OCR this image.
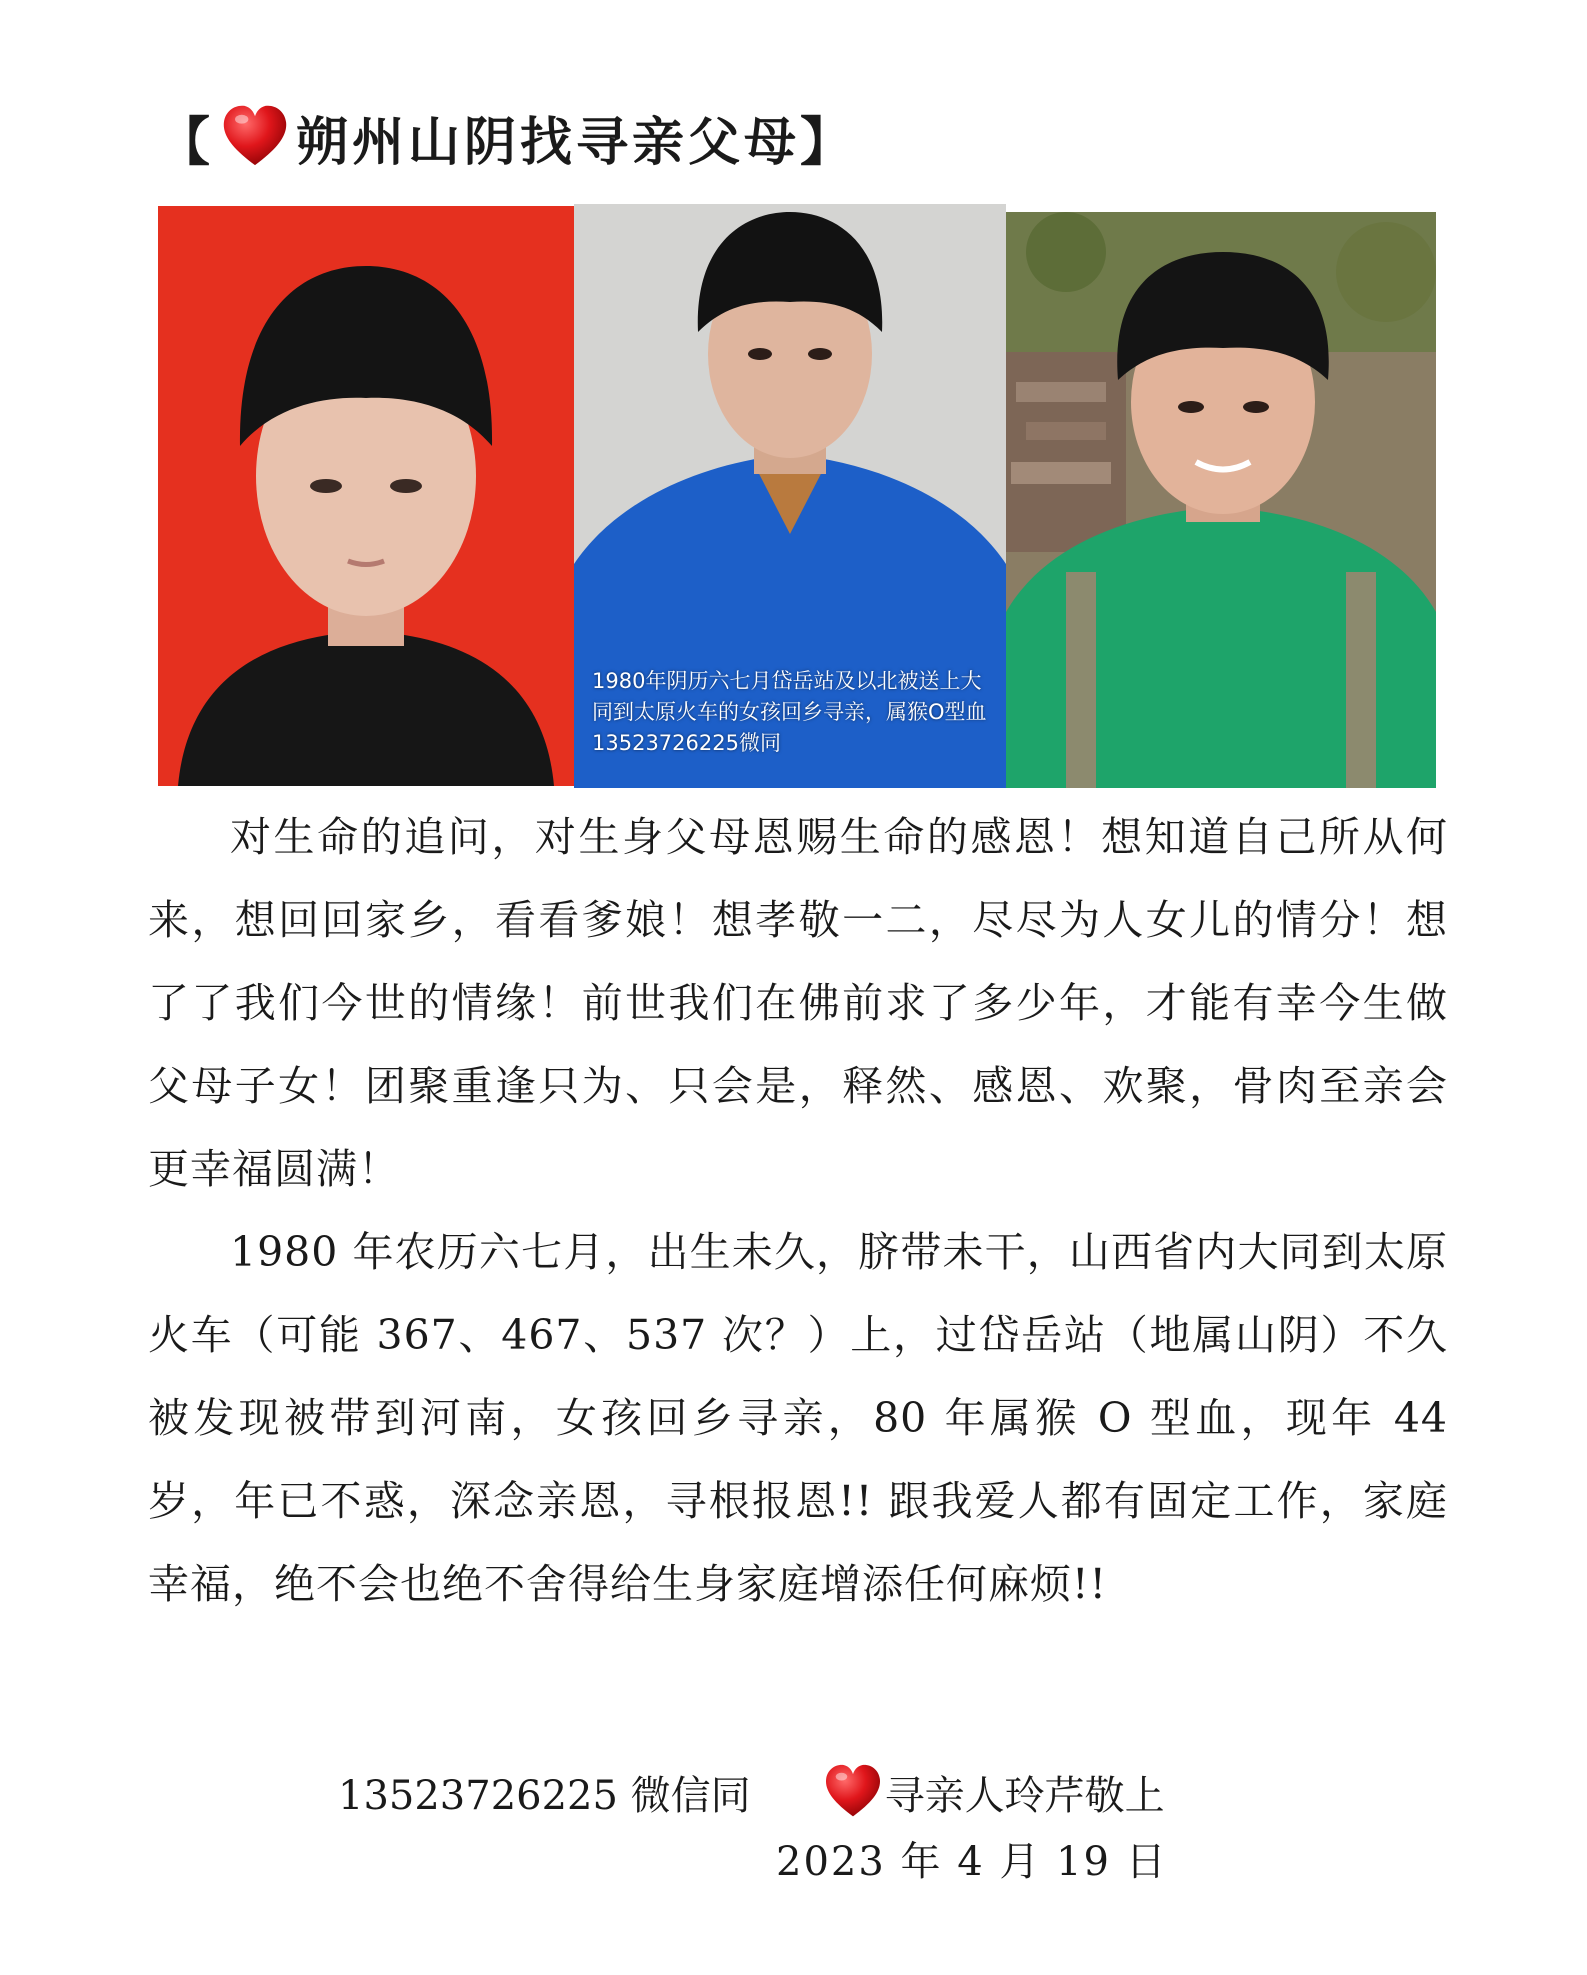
【 朔州山阴找寻亲父母】
1980年阴历六七月岱岳站及以北被送上大同到太原火车的女孩回乡寻亲，属猴O型血13523726225微同

对生命的追问，对生身父母恩赐生命的感恩！想知道自己所从何来，想回回家乡，看看爹娘！想孝敬一二，尽尽为人女儿的情分！想了了我们今世的情缘！前世我们在佛前求了多少年，才能有幸今生做父母子女！团聚重逢只为、只会是，释然、感恩、欢聚，骨肉至亲会更幸福圆满！

1980 年农历六七月，出生未久，脐带未干，山西省内大同到太原火车（可能 367、467、537 次？）上，过岱岳站（地属山阴）不久被发现被带到河南，女孩回乡寻亲，80 年属猴 O 型血，现年 44 岁，年已不惑，深念亲恩，寻根报恩!! 跟我爱人都有固定工作，家庭幸福，绝不会也绝不舍得给生身家庭增添任何麻烦!!

13523726225 微信同	寻亲人玲芹敬上
2023 年 4 月 19 日
